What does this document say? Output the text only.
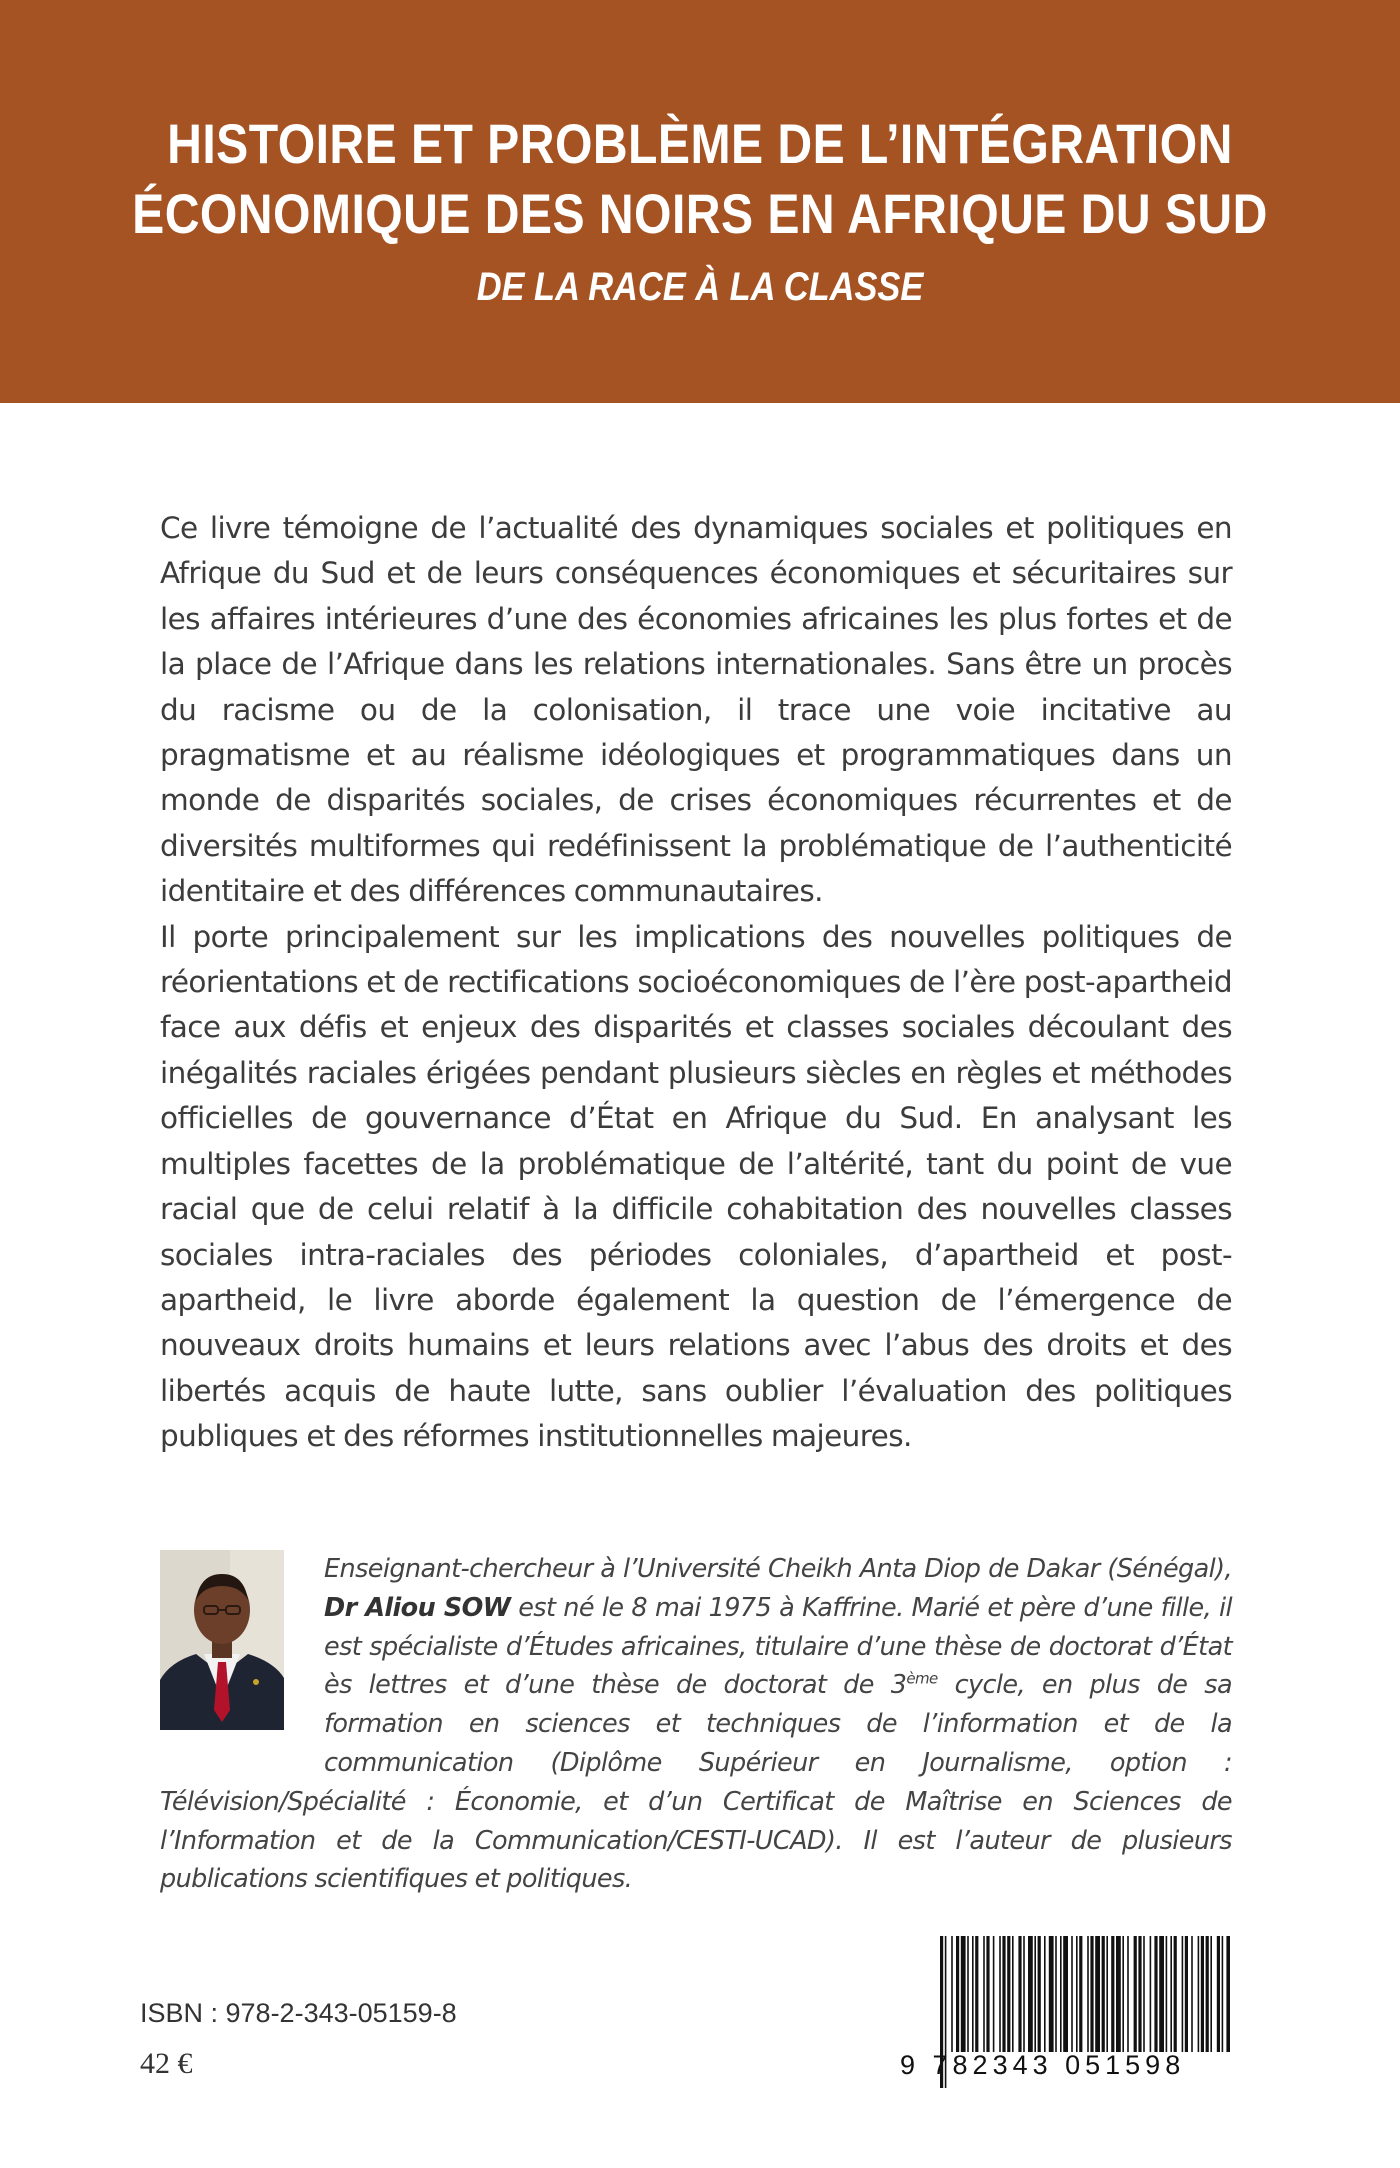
HISTOIRE ET PROBLÈME DE L’INTÉGRATION
ÉCONOMIQUE DES NOIRS EN AFRIQUE DU SUD
DE LA RACE À LA CLASSE

Ce livre témoigne de l’actualité des dynamiques sociales et politiques en Afrique du Sud et de leurs conséquences économiques et sécuritaires sur les affaires intérieures d’une des économies africaines les plus fortes et de la place de l’Afrique dans les relations internationales. Sans être un procès du racisme ou de la colonisation, il trace une voie incitative au pragmatisme et au réalisme idéologiques et programmatiques dans un monde de disparités sociales, de crises économiques récurrentes et de diversités multiformes qui redéfinissent la problématique de l’authenticité identitaire et des différences communautaires.

Il porte principalement sur les implications des nouvelles politiques de réorientations et de rectifications socioéconomiques de l’ère post-apartheid face aux défis et enjeux des disparités et classes sociales découlant des inégalités raciales érigées pendant plusieurs siècles en règles et méthodes officielles de gouvernance d’État en Afrique du Sud. En analysant les multiples facettes de la problématique de l’altérité, tant du point de vue racial que de celui relatif à la difficile cohabitation des nouvelles classes sociales intra-raciales des périodes coloniales, d’apartheid et post-apartheid, le livre aborde également la question de l’émergence de nouveaux droits humains et leurs relations avec l’abus des droits et des libertés acquis de haute lutte, sans oublier l’évaluation des politiques publiques et des réformes institutionnelles majeures.

Enseignant-chercheur à l’Université Cheikh Anta Diop de Dakar (Sénégal), Dr Aliou SOW est né le 8 mai 1975 à Kaffrine. Marié et père d’une fille, il est spécialiste d’Études africaines, titulaire d’une thèse de doctorat d’État ès lettres et d’une thèse de doctorat de 3ème cycle, en plus de sa formation en sciences et techniques de l’information et de la communication (Diplôme Supérieur en Journalisme, option : Télévision/Spécialité : Économie, et d’un Certificat de Maîtrise en Sciences de l’Information et de la Communication/CESTI-UCAD). Il est l’auteur de plusieurs publications scientifiques et politiques.
ISBN : 978-2-343-05159-8
42 €	9 782343 051598
